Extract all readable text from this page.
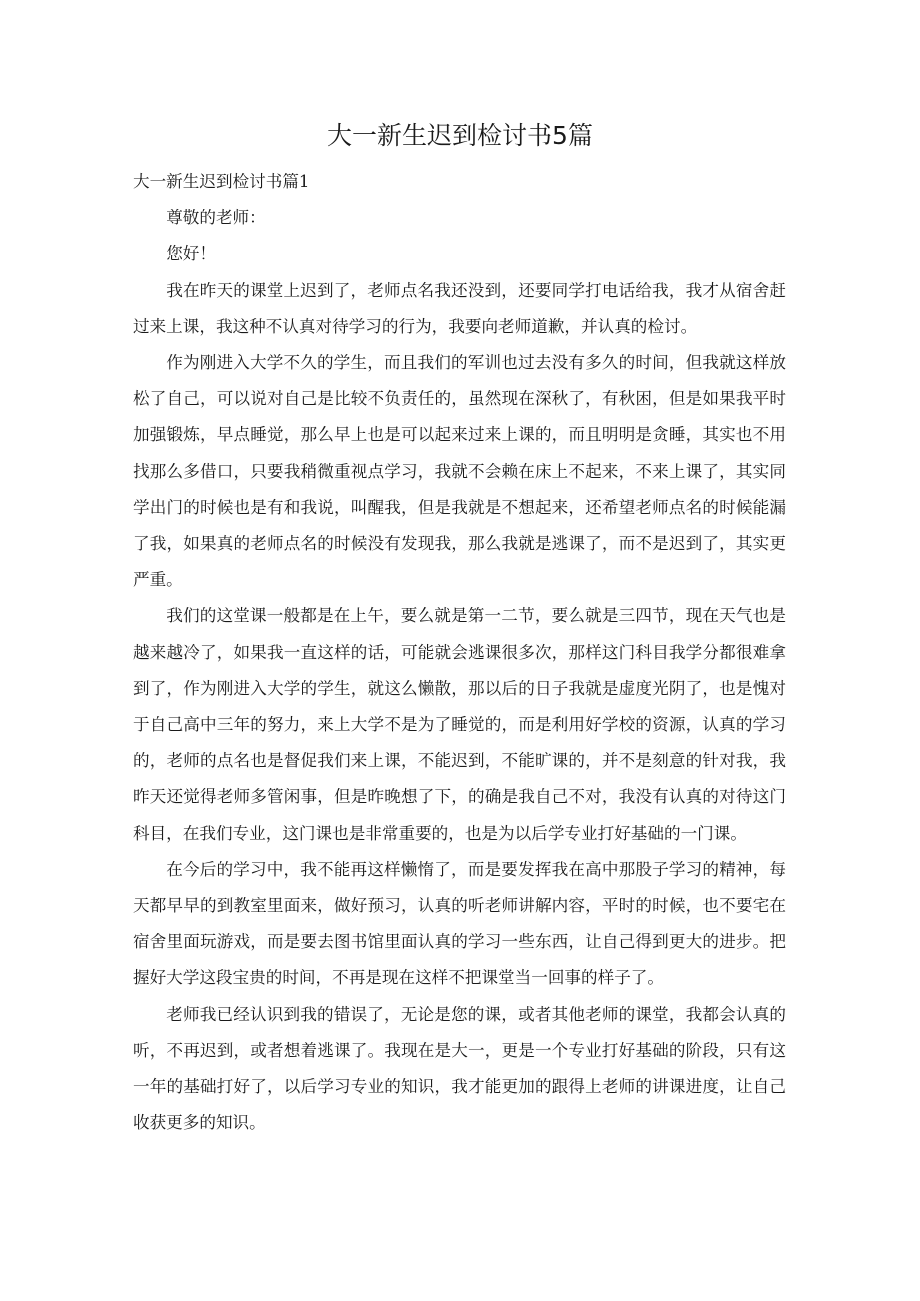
大一新生迟到检讨书5篇

大一新生迟到检讨书篇1

尊敬的老师：

您好！

我在昨天的课堂上迟到了，老师点名我还没到，还要同学打电话给我，我才从宿舍赶过来上课，我这种不认真对待学习的行为，我要向老师道歉，并认真的检讨。

作为刚进入大学不久的学生，而且我们的军训也过去没有多久的时间，但我就这样放松了自己，可以说对自己是比较不负责任的，虽然现在深秋了，有秋困，但是如果我平时加强锻炼，早点睡觉，那么早上也是可以起来过来上课的，而且明明是贪睡，其实也不用找那么多借口，只要我稍微重视点学习，我就不会赖在床上不起来，不来上课了，其实同学出门的时候也是有和我说，叫醒我，但是我就是不想起来，还希望老师点名的时候能漏了我，如果真的老师点名的时候没有发现我，那么我就是逃课了，而不是迟到了，其实更严重。

我们的这堂课一般都是在上午，要么就是第一二节，要么就是三四节，现在天气也是越来越冷了，如果我一直这样的话，可能就会逃课很多次，那样这门科目我学分都很难拿到了，作为刚进入大学的学生，就这么懒散，那以后的日子我就是虚度光阴了，也是愧对于自己高中三年的努力，来上大学不是为了睡觉的，而是利用好学校的资源，认真的学习的，老师的点名也是督促我们来上课，不能迟到，不能旷课的，并不是刻意的针对我，我昨天还觉得老师多管闲事，但是昨晚想了下，的确是我自己不对，我没有认真的对待这门科目，在我们专业，这门课也是非常重要的，也是为以后学专业打好基础的一门课。

在今后的学习中，我不能再这样懒惰了，而是要发挥我在高中那股子学习的精神，每天都早早的到教室里面来，做好预习，认真的听老师讲解内容，平时的时候，也不要宅在宿舍里面玩游戏，而是要去图书馆里面认真的学习一些东西，让自己得到更大的进步。把握好大学这段宝贵的时间，不再是现在这样不把课堂当一回事的样子了。

老师我已经认识到我的错误了，无论是您的课，或者其他老师的课堂，我都会认真的听，不再迟到，或者想着逃课了。我现在是大一，更是一个专业打好基础的阶段，只有这一年的基础打好了，以后学习专业的知识，我才能更加的跟得上老师的讲课进度，让自己收获更多的知识。
